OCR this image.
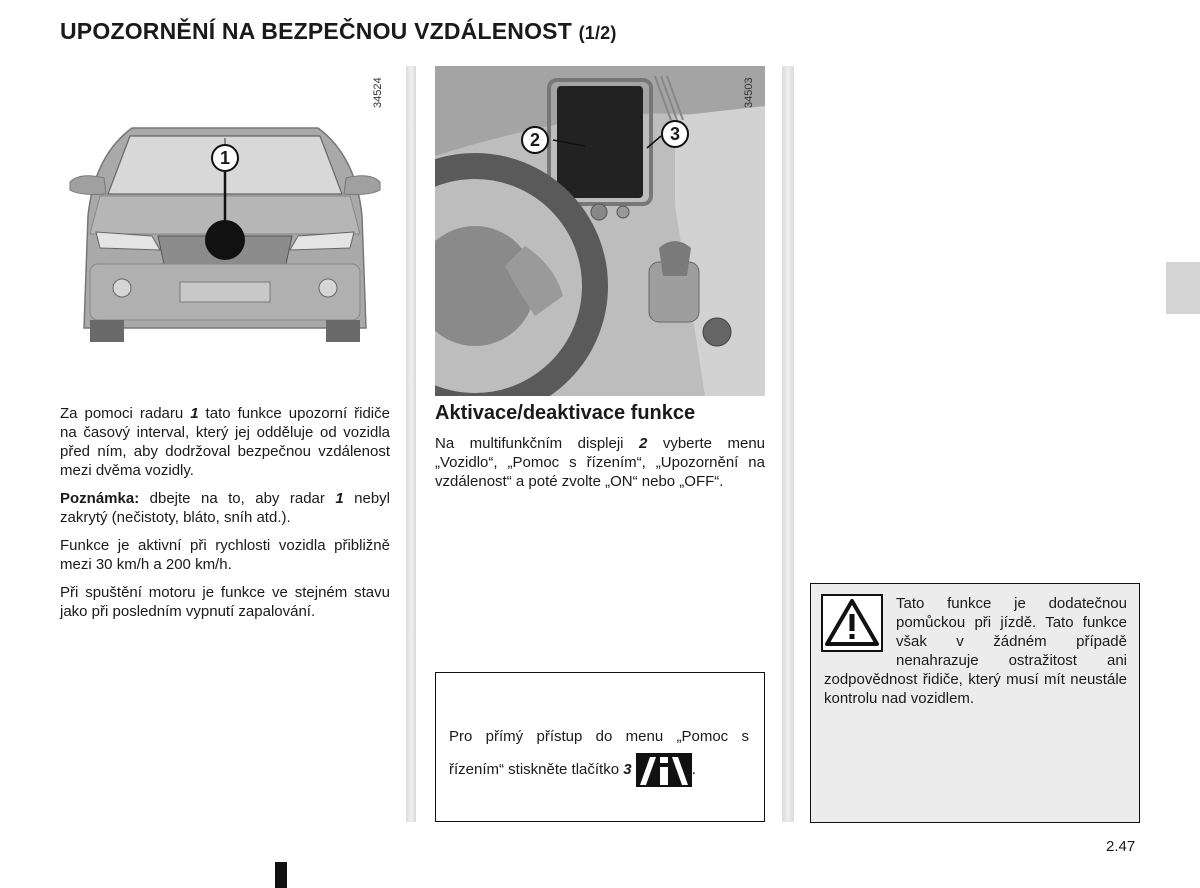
UPOZORNĚNÍ NA BEZPEČNOU VZDÁLENOST (1/2)
1
34524

Za pomoci radaru 1 tato funkce upozorní řidiče na časový interval, který jej odděluje od vozidla před ním, aby dodržoval bezpečnou vzdálenost mezi dvěma vozidly.

Poznámka: dbejte na to, aby radar 1 nebyl zakrytý (nečistoty, bláto, sníh atd.).

Funkce je aktivní při rychlosti vozidla přibližně mezi 30 km/h a 200 km/h.

Při spuštění motoru je funkce ve stejném stavu jako při posledním vypnutí zapalování.

2	3
34503
Aktivace/deaktivace funkce

Na multifunkčním displeji 2 vyberte menu „Vozidlo“, „Pomoc s řízením“, „Upozornění na vzdálenost“ a poté zvolte „ON“ nebo „OFF“.

Pro přímý přístup do menu „Pomoc s řízením“ stiskněte tlačítko 3	.
Tato funkce je dodatečnou pomůckou při jízdě. Tato funkce však v žádném případě nenahrazuje ostražitost ani zodpovědnost řidiče, který musí mít neustále kontrolu nad vozidlem.
2.47
